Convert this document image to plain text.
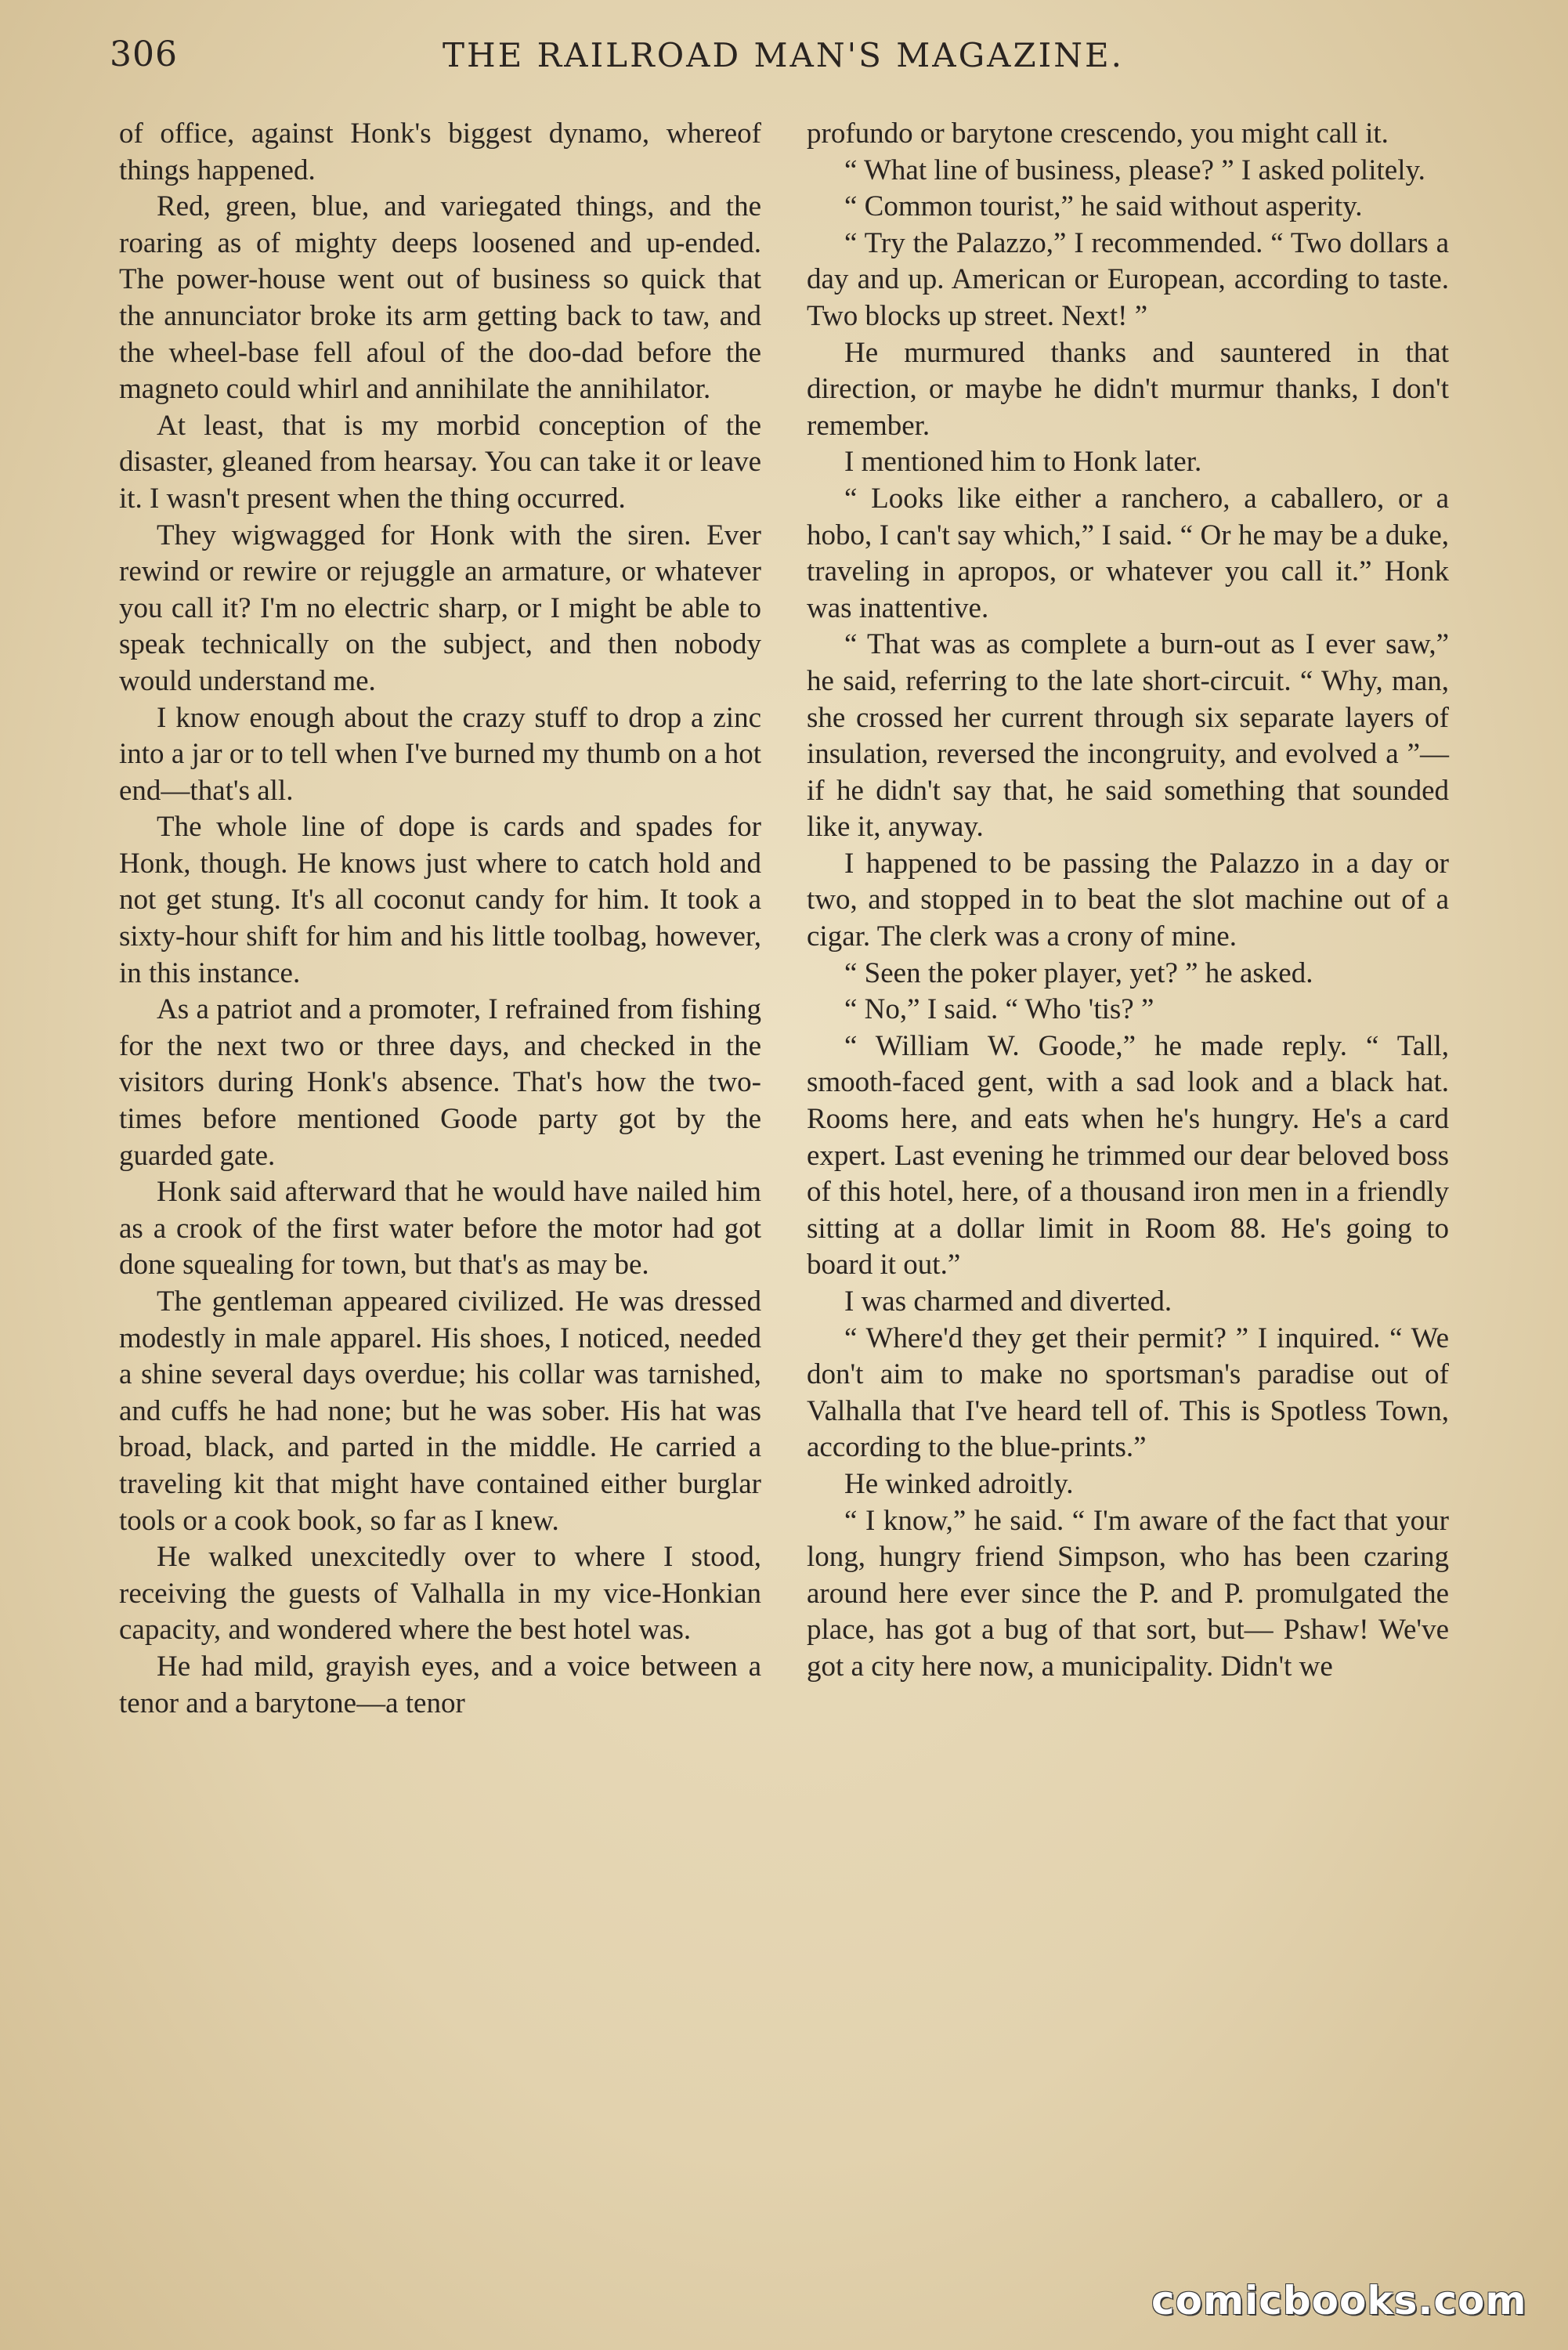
306	THE RAILROAD MAN'S MAGAZINE.

of office, against Honk's biggest dynamo, whereof things happened.

Red, green, blue, and variegated things, and the roaring as of mighty deeps loosened and up-ended. The power-house went out of business so quick that the annunciator broke its arm getting back to taw, and the wheel-base fell afoul of the doo-dad before the magneto could whirl and annihilate the annihilator.

At least, that is my morbid conception of the disaster, gleaned from hearsay. You can take it or leave it. I wasn't present when the thing occurred.

They wigwagged for Honk with the siren. Ever rewind or rewire or rejuggle an armature, or whatever you call it? I'm no electric sharp, or I might be able to speak technically on the subject, and then nobody would understand me.

I know enough about the crazy stuff to drop a zinc into a jar or to tell when I've burned my thumb on a hot end—that's all.

The whole line of dope is cards and spades for Honk, though. He knows just where to catch hold and not get stung. It's all coconut candy for him. It took a sixty-hour shift for him and his little toolbag, however, in this instance.

As a patriot and a promoter, I refrained from fishing for the next two or three days, and checked in the visitors during Honk's absence. That's how the two-times before mentioned Goode party got by the guarded gate.

Honk said afterward that he would have nailed him as a crook of the first water before the motor had got done squealing for town, but that's as may be.

The gentleman appeared civilized. He was dressed modestly in male apparel. His shoes, I noticed, needed a shine several days overdue; his collar was tarnished, and cuffs he had none; but he was sober. His hat was broad, black, and parted in the middle. He carried a traveling kit that might have contained either burglar tools or a cook book, so far as I knew.

He walked unexcitedly over to where I stood, receiving the guests of Valhalla in my vice-Honkian capacity, and wondered where the best hotel was.

He had mild, grayish eyes, and a voice between a tenor and a barytone—a tenor

profundo or barytone crescendo, you might call it.

“ What line of business, please? ” I asked politely.

“ Common tourist,” he said without asperity.

“ Try the Palazzo,” I recommended. “ Two dollars a day and up. American or European, according to taste. Two blocks up street. Next! ”

He murmured thanks and sauntered in that direction, or maybe he didn't murmur thanks, I don't remember.

I mentioned him to Honk later.

“ Looks like either a ranchero, a caballero, or a hobo, I can't say which,” I said. “ Or he may be a duke, traveling in apropos, or whatever you call it.” Honk was inattentive.

“ That was as complete a burn-out as I ever saw,” he said, referring to the late short-circuit. “ Why, man, she crossed her current through six separate layers of insulation, reversed the incongruity, and evolved a ”—if he didn't say that, he said something that sounded like it, anyway.

I happened to be passing the Palazzo in a day or two, and stopped in to beat the slot machine out of a cigar. The clerk was a crony of mine.

“ Seen the poker player, yet? ” he asked.

“ No,” I said. “ Who 'tis? ”

“ William W. Goode,” he made reply. “ Tall, smooth-faced gent, with a sad look and a black hat. Rooms here, and eats when he's hungry. He's a card expert. Last evening he trimmed our dear beloved boss of this hotel, here, of a thousand iron men in a friendly sitting at a dollar limit in Room 88. He's going to board it out.”

I was charmed and diverted.

“ Where'd they get their permit? ” I inquired. “ We don't aim to make no sportsman's paradise out of Valhalla that I've heard tell of. This is Spotless Town, according to the blue-prints.”

He winked adroitly.

“ I know,” he said. “ I'm aware of the fact that your long, hungry friend Simpson, who has been czaring around here ever since the P. and P. promulgated the place, has got a bug of that sort, but— Pshaw! We've got a city here now, a municipality. Didn't we

comicbooks.com
